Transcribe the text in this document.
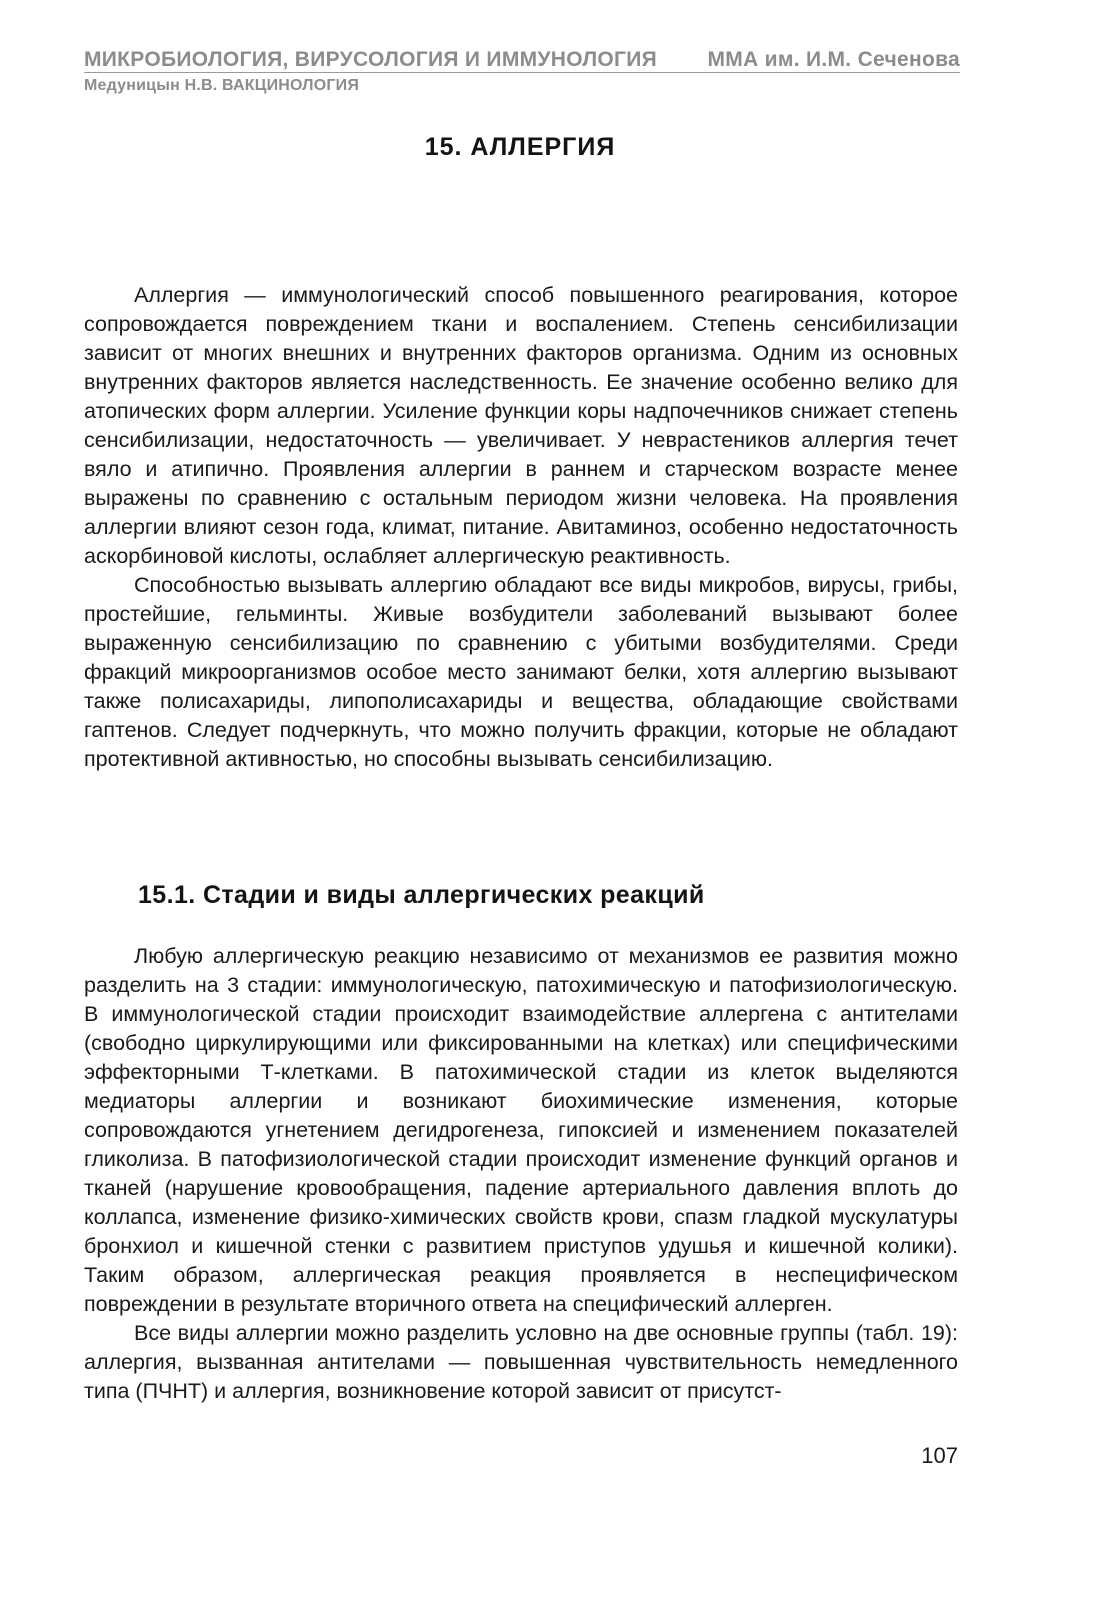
МИКРОБИОЛОГИЯ, ВИРУСОЛОГИЯ И ИММУНОЛОГИЯ ММА им. И.М. Сеченова
Медуницын Н.В. ВАКЦИНОЛОГИЯ
15. АЛЛЕРГИЯ

Аллергия — иммунологический способ повышенного реагирования, которое сопровождается повреждением ткани и воспалением. Степень сенсибилизации зависит от многих внешних и внутренних факторов организма. Одним из основных внутренних факторов является наследственность. Ее значение особенно велико для атопических форм аллергии. Усиление функции коры надпочечников снижает степень сенсибилизации, недостаточность — увеличивает. У неврастеников аллергия течет вяло и атипично. Проявления аллергии в раннем и старческом возрасте менее выражены по сравнению с остальным периодом жизни человека. На проявления аллергии влияют сезон года, климат, питание. Авитаминоз, особенно недостаточность аскорбиновой кислоты, ослабляет аллергическую реактивность.

Способностью вызывать аллергию обладают все виды микробов, вирусы, грибы, простейшие, гельминты. Живые возбудители заболеваний вызывают более выраженную сенсибилизацию по сравнению с убитыми возбудителями. Среди фракций микроорганизмов особое место занимают белки, хотя аллергию вызывают также полисахариды, липополисахариды и вещества, обладающие свойствами гаптенов. Следует подчеркнуть, что можно получить фракции, которые не обладают протективной активностью, но способны вызывать сенсибилизацию.

15.1. Стадии и виды аллергических реакций

Любую аллергическую реакцию независимо от механизмов ее развития можно разделить на 3 стадии: иммунологическую, патохимическую и патофизиологическую. В иммунологической стадии происходит взаимодействие аллергена с антителами (свободно циркулирующими или фиксированными на клетках) или специфическими эффекторными Т-клетками. В патохимической стадии из клеток выделяются медиаторы аллергии и возникают биохимические изменения, которые сопровождаются угнетением дегидрогенеза, гипоксией и изменением показателей гликолиза. В патофизиологической стадии происходит изменение функций органов и тканей (нарушение кровообращения, падение артериального давления вплоть до коллапса, изменение физико-химических свойств крови, спазм гладкой мускулатуры бронхиол и кишечной стенки с развитием приступов удушья и кишечной колики). Таким образом, аллергическая реакция проявляется в неспецифическом повреждении в результате вторичного ответа на специфический аллерген.

Все виды аллергии можно разделить условно на две основные группы (табл. 19): аллергия, вызванная антителами — повышенная чувствительность немедленного типа (ПЧНТ) и аллергия, возникновение которой зависит от присутст-

107
